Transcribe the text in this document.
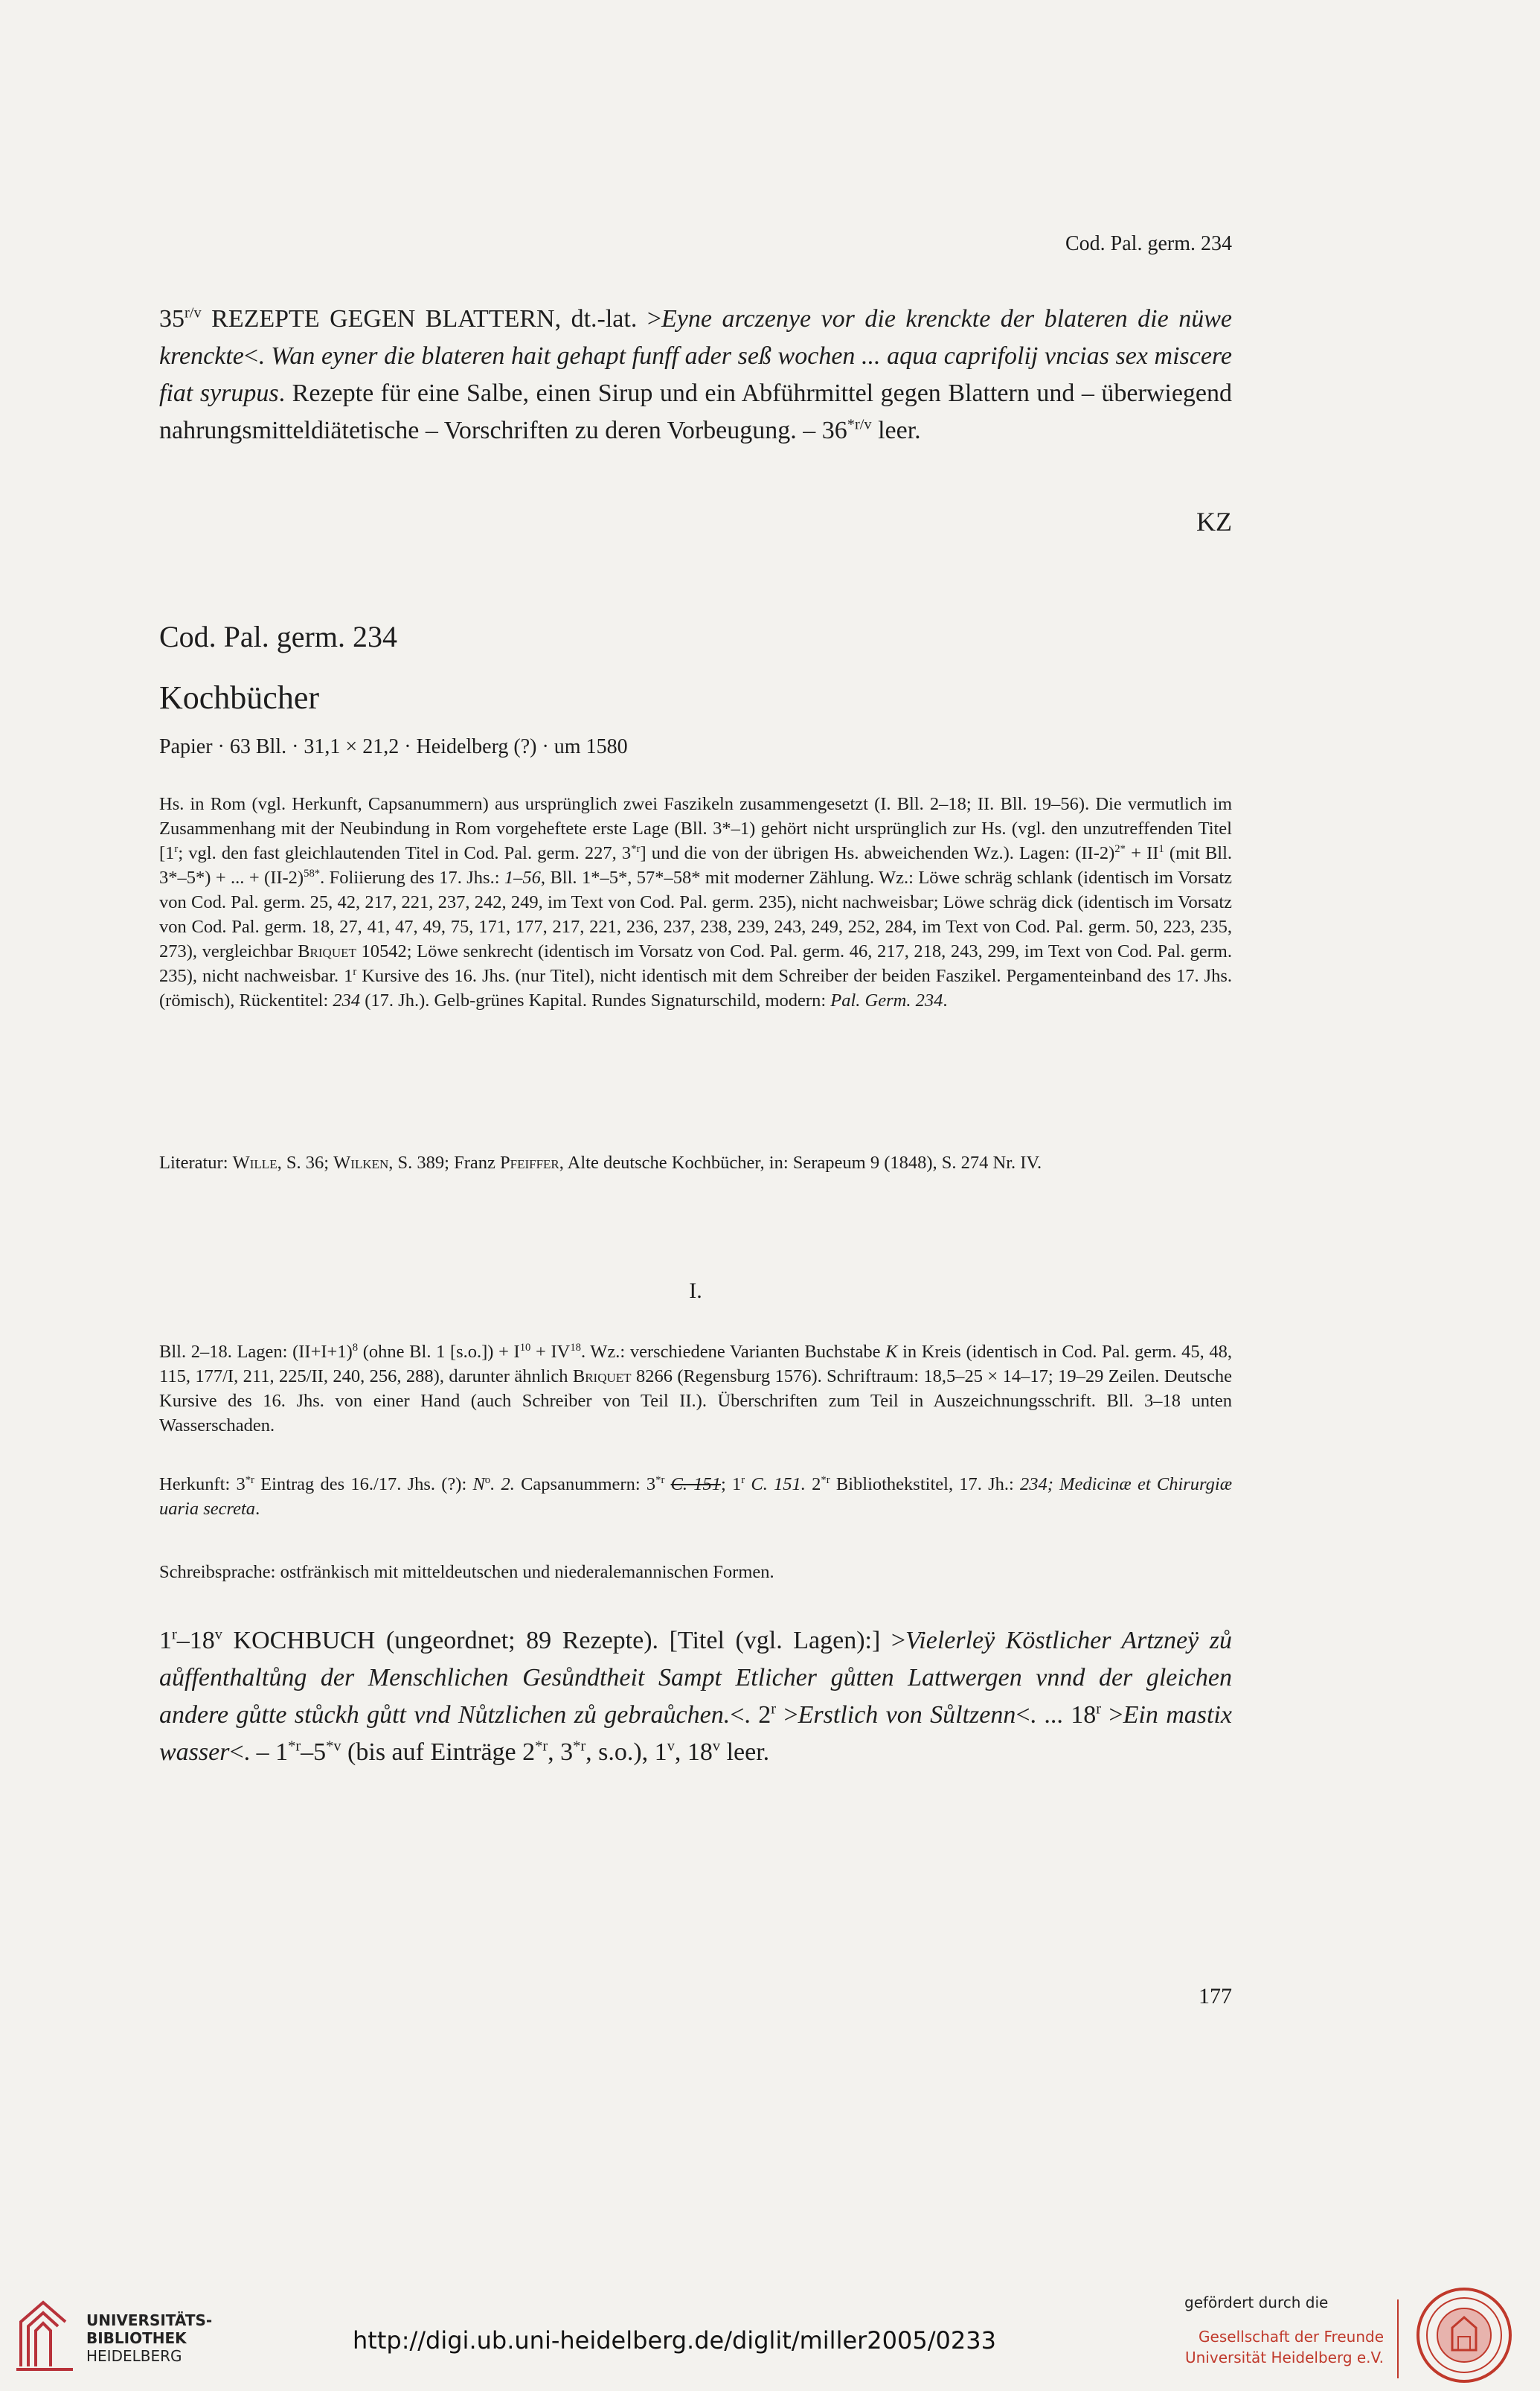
Cod. Pal. germ. 234

$35^{r/v}$ REZEPTE GEGEN BLATTERN, dt.-lat. >Eyne arczenye vor die krenckte der blateren die nüwe krenckte<. Wan eyner die blateren hait gehapt funff ader seß wochen ... aqua caprifolij vncias sex miscere fiat syrupus. Rezepte für eine Salbe, einen Sirup und ein Abführmittel gegen Blattern und – überwiegend nahrungsmitteldiätetische – Vorschriften zu deren Vorbeugung. – $36^{*r/v}$ leer.

KZ
Cod. Pal. germ. 234
Kochbücher
Papier · 63 Bll. · 31,1 × 21,2 · Heidelberg (?) · um 1580

Hs. in Rom (vgl. Herkunft, Capsanummern) aus ursprünglich zwei Faszikeln zusammengesetzt (I. Bll. 2–18; II. Bll. 19–56). Die vermutlich im Zusammenhang mit der Neubindung in Rom vorgeheftete erste Lage (Bll. 3*–1) gehört nicht ursprünglich zur Hs. (vgl. den unzutreffenden Titel [1$^r$; vgl. den fast gleichlautenden Titel in Cod. Pal. germ. 227, 3$^{*r}$] und die von der übrigen Hs. abweichenden Wz.). Lagen: $(II-2)^{2*} + II^1$ (mit Bll. 3*–5*) + ... + $(II-2)^{58*}$. Foliierung des 17. Jhs.: 1–56, Bll. 1*–5*, 57*–58* mit moderner Zählung. Wz.: Löwe schräg schlank (identisch im Vorsatz von Cod. Pal. germ. 25, 42, 217, 221, 237, 242, 249, im Text von Cod. Pal. germ. 235), nicht nachweisbar; Löwe schräg dick (identisch im Vorsatz von Cod. Pal. germ. 18, 27, 41, 47, 49, 75, 171, 177, 217, 221, 236, 237, 238, 239, 243, 249, 252, 284, im Text von Cod. Pal. germ. 50, 223, 235, 273), vergleichbar Briquet 10542; Löwe senkrecht (identisch im Vorsatz von Cod. Pal. germ. 46, 217, 218, 243, 299, im Text von Cod. Pal. germ. 235), nicht nachweisbar. 1$^r$ Kursive des 16. Jhs. (nur Titel), nicht identisch mit dem Schreiber der beiden Faszikel. Pergamenteinband des 17. Jhs. (römisch), Rückentitel: 234 (17. Jh.). Gelb-grünes Kapital. Rundes Signaturschild, modern: Pal. Germ. 234.

Literatur: Wille, S. 36; Wilken, S. 389; Franz Pfeiffer, Alte deutsche Kochbücher, in: Serapeum 9 (1848), S. 274 Nr. IV.

I.

Bll. 2–18. Lagen: $(II+I+1)^8$ (ohne Bl. 1 $[s.o.]) + I^{10} + IV^{18}$. Wz.: verschiedene Varianten Buchstabe K in Kreis (identisch in Cod. Pal. germ. 45, 48, 115, 177/I, 211, 225/II, 240, 256, 288), darunter ähnlich Briquet 8266 (Regensburg 1576). Schriftraum: 18,5–25 × 14–17; 19–29 Zeilen. Deutsche Kursive des 16. Jhs. von einer Hand (auch Schreiber von Teil II.). Überschriften zum Teil in Auszeichnungsschrift. Bll. 3–18 unten Wasserschaden.

Herkunft: 3$^{*r}$ Eintrag des 16./17. Jhs. (?): $N^o$. 2. Capsanummern: 3$^{*r}$ C. 151; 1$^r$ C. 151. 2$^{*r}$ Bibliothekstitel, 17. Jh.: 234; Medicinæ et Chirurgiæ uaria secreta.

Schreibsprache: ostfränkisch mit mitteldeutschen und niederalemannischen Formen.

1$^r$–18$^v$ KOCHBUCH (ungeordnet; 89 Rezepte). [Titel (vgl. Lagen):] >Vielerleÿ Köstlicher Artzneÿ zů aůffenthaltůng der Menschlichen Gesůndtheit Sampt Etlicher gůtten Lattwergen vnnd der gleichen andere gůtte stůckh gůtt vnd Nůtzlichen zů gebraůchen.<. $2^r$ >Erstlich von Sůltzenn<. ... $18^r >Ein$ mastix wasser<. – 1$^{*r}$–5$^{*v}$ (bis auf Einträge 2$^{*r}$, 3$^{*r}$, s.o.), 1$^v$, 18$^v$ leer.

177
UNIVERSITÄTS-
BIBLIOTHEK
HEIDELBERG
http://digi.ub.uni-heidelberg.de/diglit/miller2005/0233
gefördert durch die
Gesellschaft der Freunde
Universität Heidelberg e.V.
